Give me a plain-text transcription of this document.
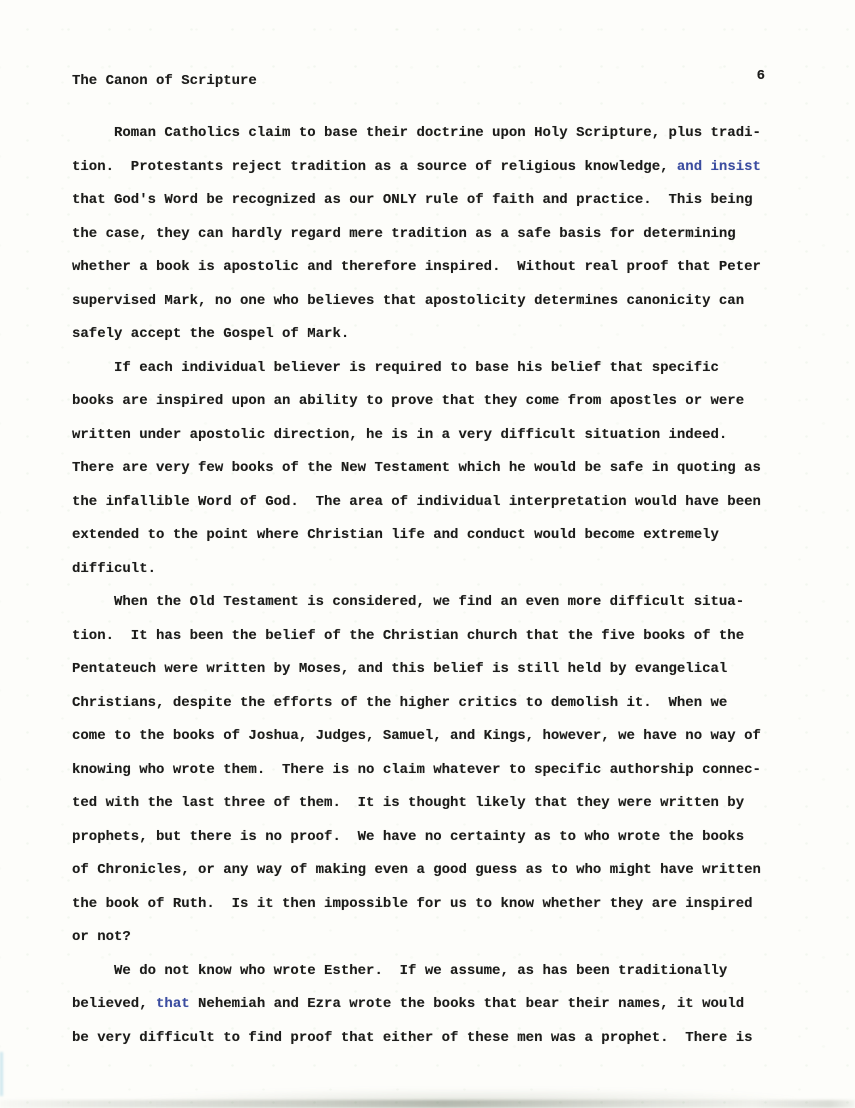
The Canon of Scripture	6
Roman Catholics claim to base their doctrine upon Holy Scripture, plus tradi-
tion.  Protestants reject tradition as a source of religious knowledge, and insist
that God's Word be recognized as our ONLY rule of faith and practice.  This being
the case, they can hardly regard mere tradition as a safe basis for determining
whether a book is apostolic and therefore inspired.  Without real proof that Peter
supervised Mark, no one who believes that apostolicity determines canonicity can
safely accept the Gospel of Mark.
If each individual believer is required to base his belief that specific
books are inspired upon an ability to prove that they come from apostles or were
written under apostolic direction, he is in a very difficult situation indeed.
There are very few books of the New Testament which he would be safe in quoting as
the infallible Word of God.  The area of individual interpretation would have been
extended to the point where Christian life and conduct would become extremely
difficult.
When the Old Testament is considered, we find an even more difficult situa-
tion.  It has been the belief of the Christian church that the five books of the
Pentateuch were written by Moses, and this belief is still held by evangelical
Christians, despite the efforts of the higher critics to demolish it.  When we
come to the books of Joshua, Judges, Samuel, and Kings, however, we have no way of
knowing who wrote them.  There is no claim whatever to specific authorship connec-
ted with the last three of them.  It is thought likely that they were written by
prophets, but there is no proof.  We have no certainty as to who wrote the books
of Chronicles, or any way of making even a good guess as to who might have written
the book of Ruth.  Is it then impossible for us to know whether they are inspired
or not?
We do not know who wrote Esther.  If we assume, as has been traditionally
believed, that Nehemiah and Ezra wrote the books that bear their names, it would
be very difficult to find proof that either of these men was a prophet.  There is
